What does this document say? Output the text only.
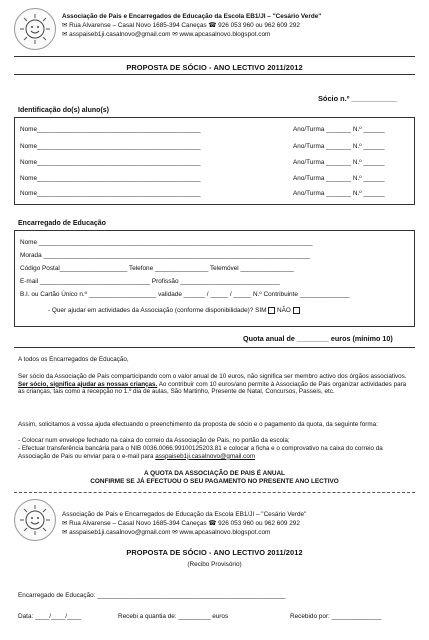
Associação de Pais e Encarregados de Educação da Escola EB1/JI – "Cesário Verde"
✉ Rua Alvarense – Casal Novo 1685-394 Caneças ☎ 926 053 960 ou 962 609 292
✉ asspaiseb1ji.casalnovo@gmail.com ✉ www.apcasalnovo.blogspot.com
PROPOSTA DE SÓCIO - ANO LECTIVO 2011/2012
Sócio n.º ___________
Identificação do(s) aluno(s)
Nome______________________________________________	Ano/Turma _______ N.º ______
Nome______________________________________________	Ano/Turma _______ N.º ______
Nome______________________________________________	Ano/Turma _______ N.º ______
Nome______________________________________________	Ano/Turma _______ N.º ______
Nome______________________________________________	Ano/Turma _______ N.º ______
Encarregado de Educação
Nome _____________________________________________________________________________
Morada ___________________________________________________________________________
Código Postal___________________ Telefone _______________ Telemóvel _______________
E-mail _______________________________ Profissão ____________________________
B.I. ou Cartão Único n.º ___________________ validade ______ / _____ / _____ N.º Contribuinte ______________
- Quer ajudar em actividades da Associação (conforme disponibilidade)? SIM NÃO
Quota anual de ________ euros (mínimo 10)
A todos os Encarregados de Educação,
Ser sócio da Associação de Pais comparticipando com o valor anual de 10 euros, não significa ser membro activo dos órgãos associativos. Ser sócio, significa ajudar as nossas crianças. Ao contribuir com 10 euros/ano permite à Associação de Pais organizar actividades para as crianças, tais como a recepção no 1.º dia de aulas, São Martinho, Presente de Natal, Concursos, Passeis, etc.
Assim, solicitamos a vossa ajuda efectuando o preenchimento da proposta de sócio e o pagamento da quota, da seguinte forma:
- Colocar num envelope fechado na caixa do correio da Associação de Pais, no portão da escola;
- Efectuar transferência bancária para o NIB 0036.0066.99100125203.81 e colocar a ficha e o comprovativo na caixa do correio da Associação de Pais ou enviar para o e-mail para asspaiseb1ji.casalnovo@gmail.com
A QUOTA DA ASSOCIAÇÃO DE PAIS É ANUAL
CONFIRME SE JÁ EFECTUOU O SEU PAGAMENTO NO PRESENTE ANO LECTIVO
Associação de Pais e Encarregados de Educação da Escola EB1/JI – "Cesário Verde"
✉ Rua Alvarense – Casal Novo 1685-394 Caneças ☎ 926 053 960 ou 962 609 292
✉ asspaiseb1ji.casalnovo@gmail.com ✉ www.apcasalnovo.blogspot.com
PROPOSTA DE SÓCIO - ANO LECTIVO 2011/2012
(Recibo Provisório)
Encarregado de Educação: _____________________________________________________
Data: ____/____/____	Recebi a quantia de: _________ euros	Recebido por: ______________
